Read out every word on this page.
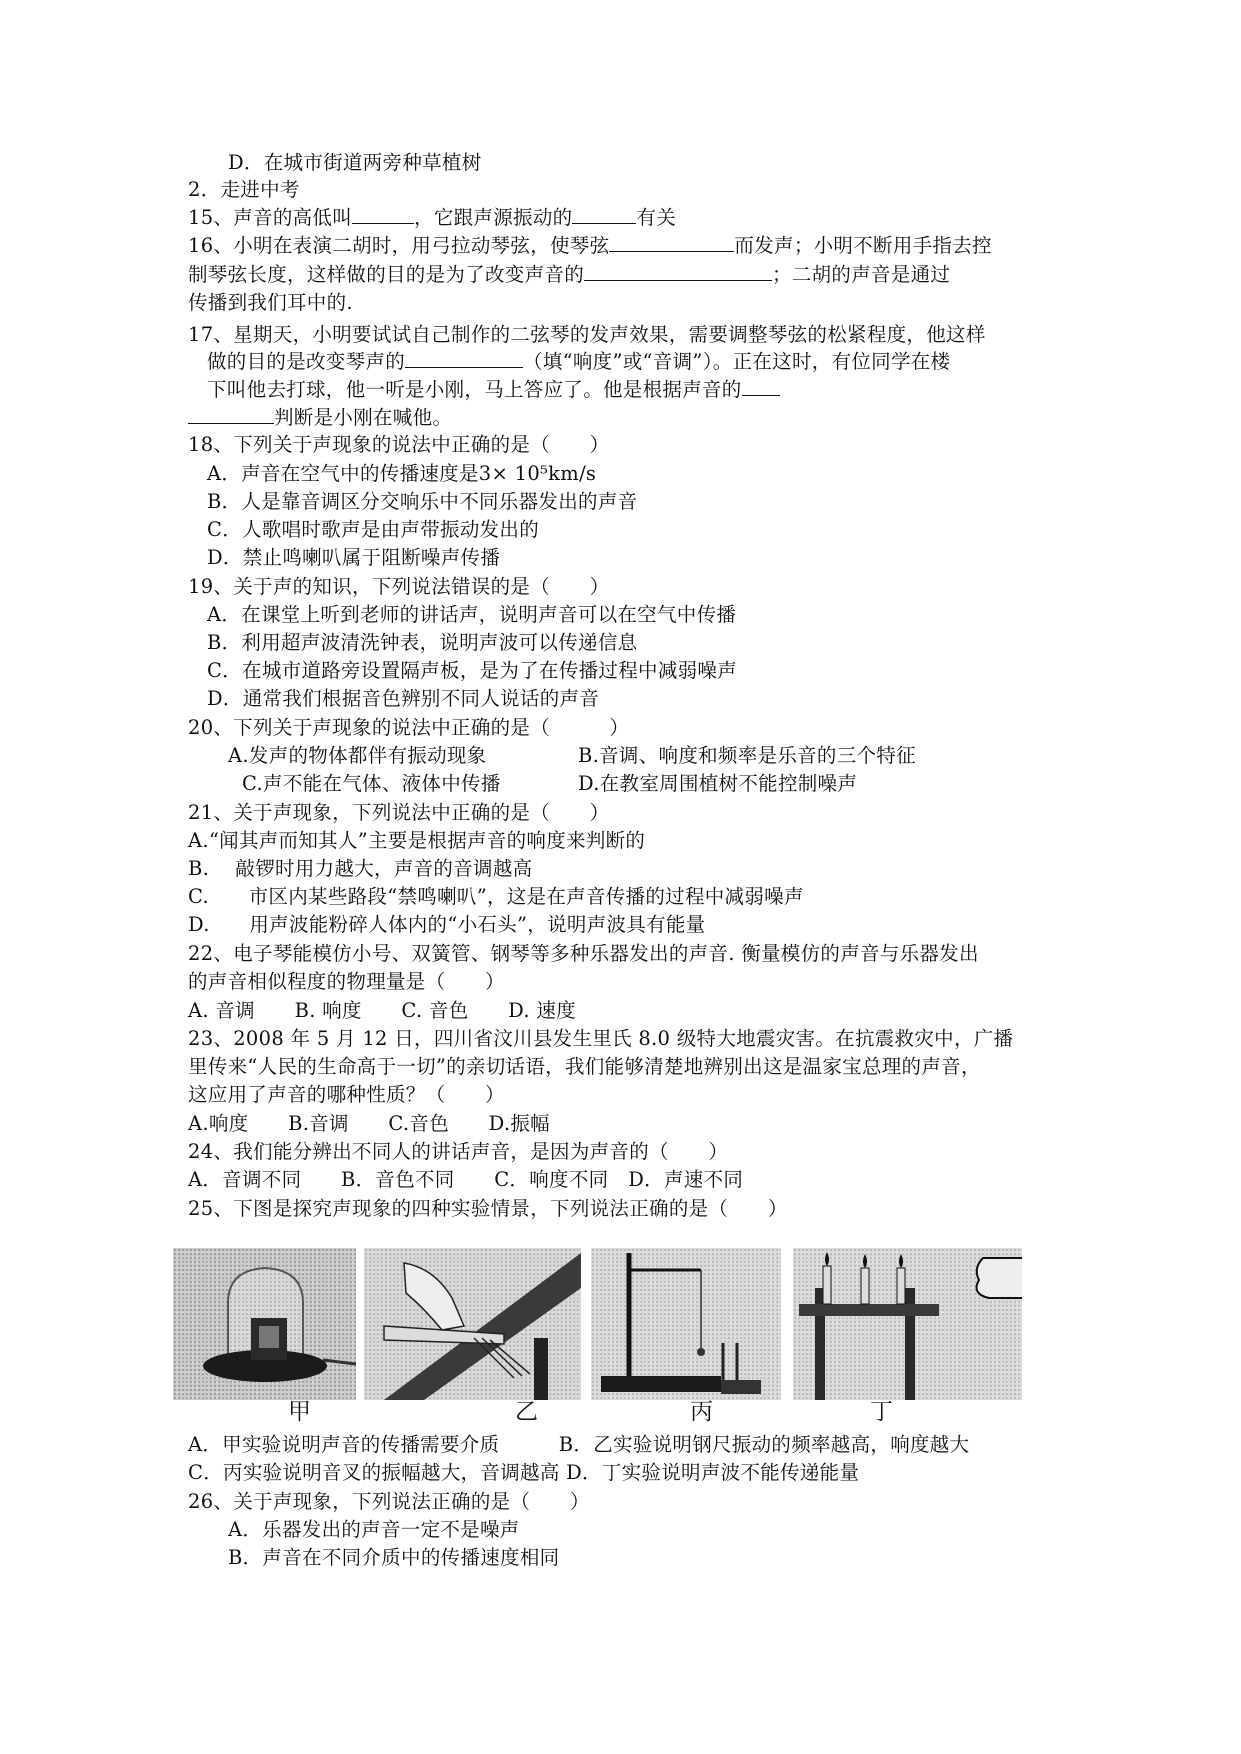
D．在城市街道两旁种草植树
2．走进中考
15、声音的高低叫	，它跟声源振动的	有关
16、小明在表演二胡时，用弓拉动琴弦，使琴弦	而发声；小明不断用手指去控
制琴弦长度，这样做的目的是为了改变声音的	；二胡的声音是通过
传播到我们耳中的.
17、星期天，小明要试试自己制作的二弦琴的发声效果，需要调整琴弦的松紧程度，他这样
做的目的是改变琴声的	（填“响度”或“音调”）。正在这时，有位同学在楼
下叫他去打球，他一听是小刚，马上答应了。他是根据声音的
判断是小刚在喊他。
18、下列关于声现象的说法中正确的是（　　）
A．声音在空气中的传播速度是3× 10⁵km/s
B．人是靠音调区分交响乐中不同乐器发出的声音
C．人歌唱时歌声是由声带振动发出的
D．禁止鸣喇叭属于阻断噪声传播
19、关于声的知识，下列说法错误的是（　　）
A．在课堂上听到老师的讲话声，说明声音可以在空气中传播
B．利用超声波清洗钟表，说明声波可以传递信息
C．在城市道路旁设置隔声板，是为了在传播过程中减弱噪声
D．通常我们根据音色辨别不同人说话的声音
20、下列关于声现象的说法中正确的是（　　　）
A.发声的物体都伴有振动现象	B.音调、响度和频率是乐音的三个特征
C.声不能在气体、液体中传播	D.在教室周围植树不能控制噪声
21、关于声现象，下列说法中正确的是（　　）
A.“闻其声而知其人”主要是根据声音的响度来判断的
B.　 敲锣时用力越大，声音的音调越高
C.　　市区内某些路段“禁鸣喇叭”，这是在声音传播的过程中减弱噪声
D.　　用声波能粉碎人体内的“小石头”，说明声波具有能量
22、电子琴能模仿小号、双簧管、钢琴等多种乐器发出的声音. 衡量模仿的声音与乐器发出
的声音相似程度的物理量是（　　）
A. 音调　　B. 响度　　C. 音色　　D. 速度
23、2008 年 5 月 12 日，四川省汶川县发生里氏 8.0 级特大地震灾害。在抗震救灾中，广播
里传来“人民的生命高于一切”的亲切话语，我们能够清楚地辨别出这是温家宝总理的声音，
这应用了声音的哪种性质？（　　）
A.响度　　B.音调　　C.音色　　D.振幅
24、我们能分辨出不同人的讲话声音，是因为声音的（　　）
A．音调不同　　B．音色不同　　C．响度不同　D．声速不同
25、下图是探究声现象的四种实验情景，下列说法正确的是（　　）
甲	乙	丙	丁
A．甲实验说明声音的传播需要介质　　　B．乙实验说明钢尺振动的频率越高，响度越大
C．丙实验说明音叉的振幅越大，音调越高 D．丁实验说明声波不能传递能量
26、关于声现象，下列说法正确的是（　　）
A．乐器发出的声音一定不是噪声
B．声音在不同介质中的传播速度相同
